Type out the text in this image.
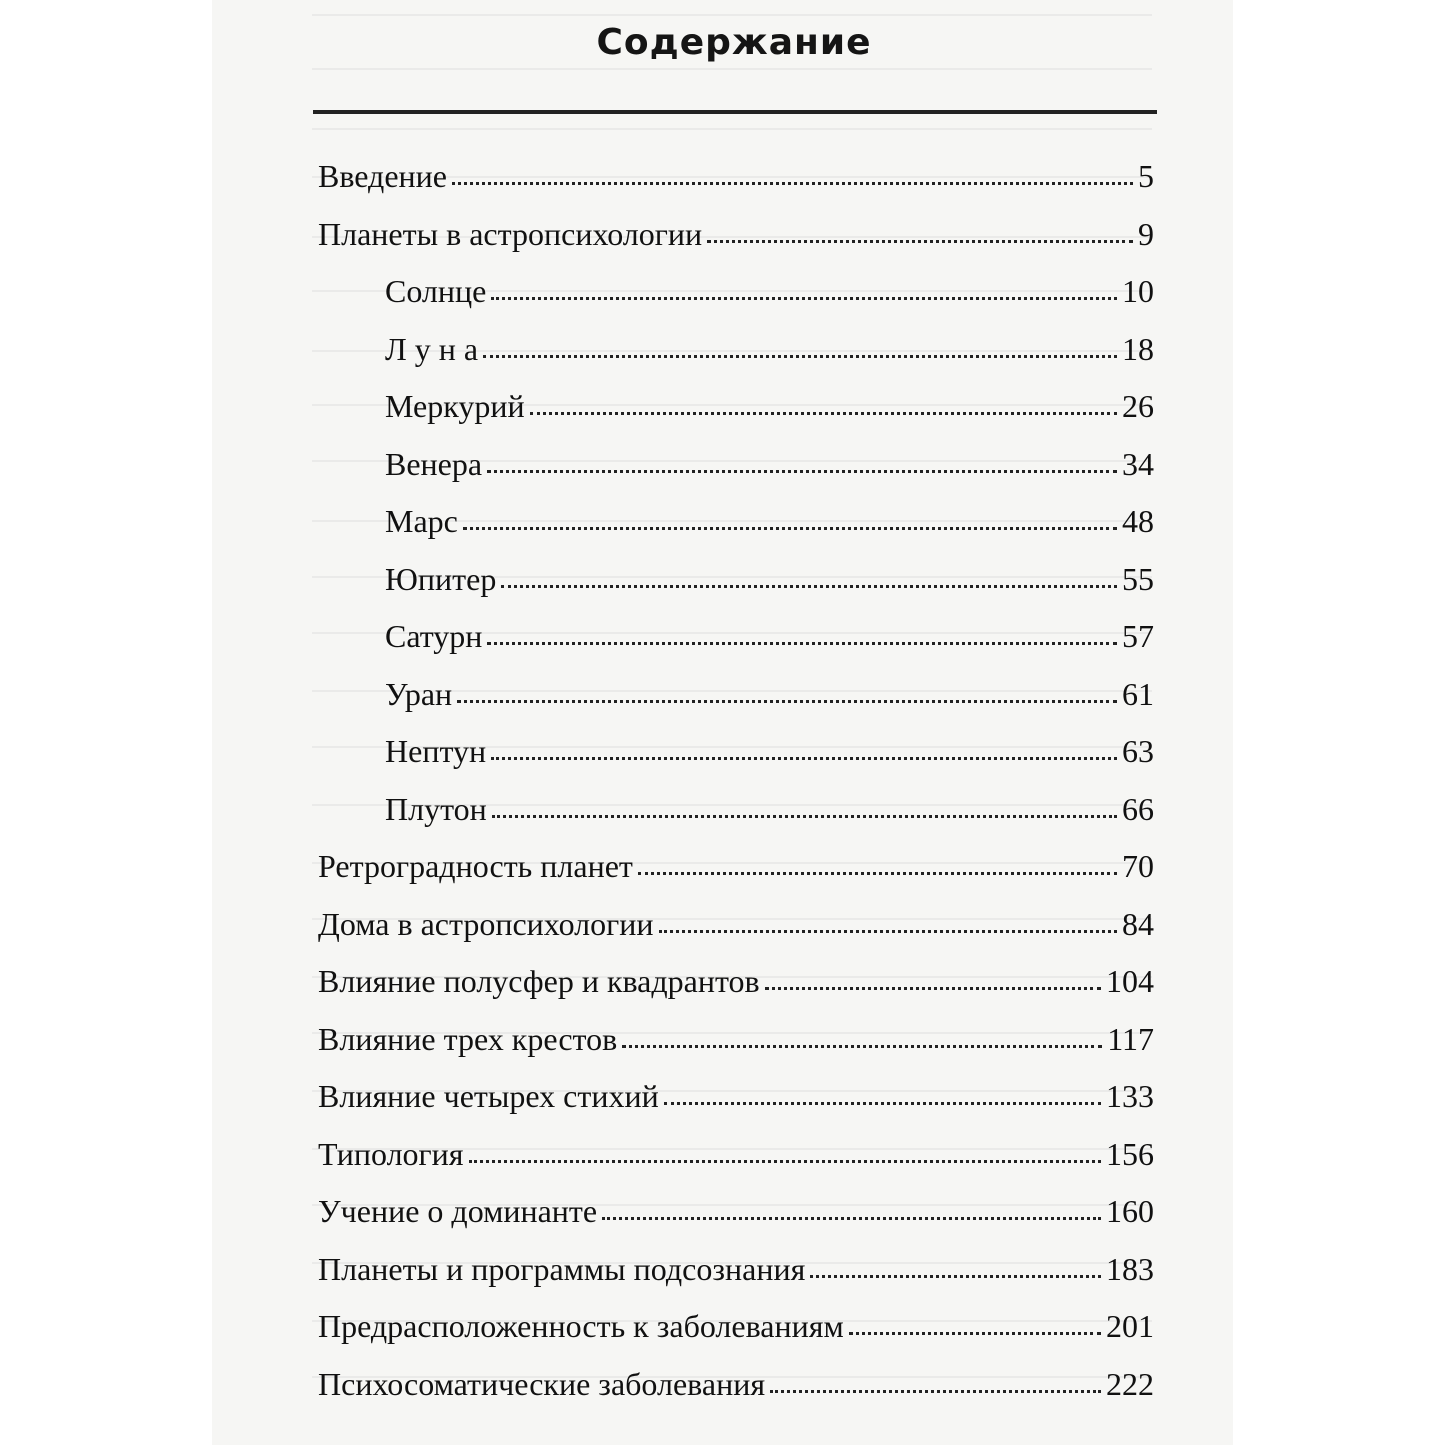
Содержание
Введение	5
Планеты в астропсихологии	9
Солнце	10
Л у н а	18
Меркурий	26
Венера	34
Марс	48
Юпитер	55
Сатурн	57
Уран	61
Нептун	63
Плутон	66
Ретроградность планет	70
Дома в астропсихологии	84
Влияние полусфер и квадрантов	104
Влияние трех крестов	117
Влияние четырех стихий	133
Типология	156
Учение о доминанте	160
Планеты и программы подсознания	183
Предрасположенность к заболеваниям	201
Психосоматические заболевания	222
